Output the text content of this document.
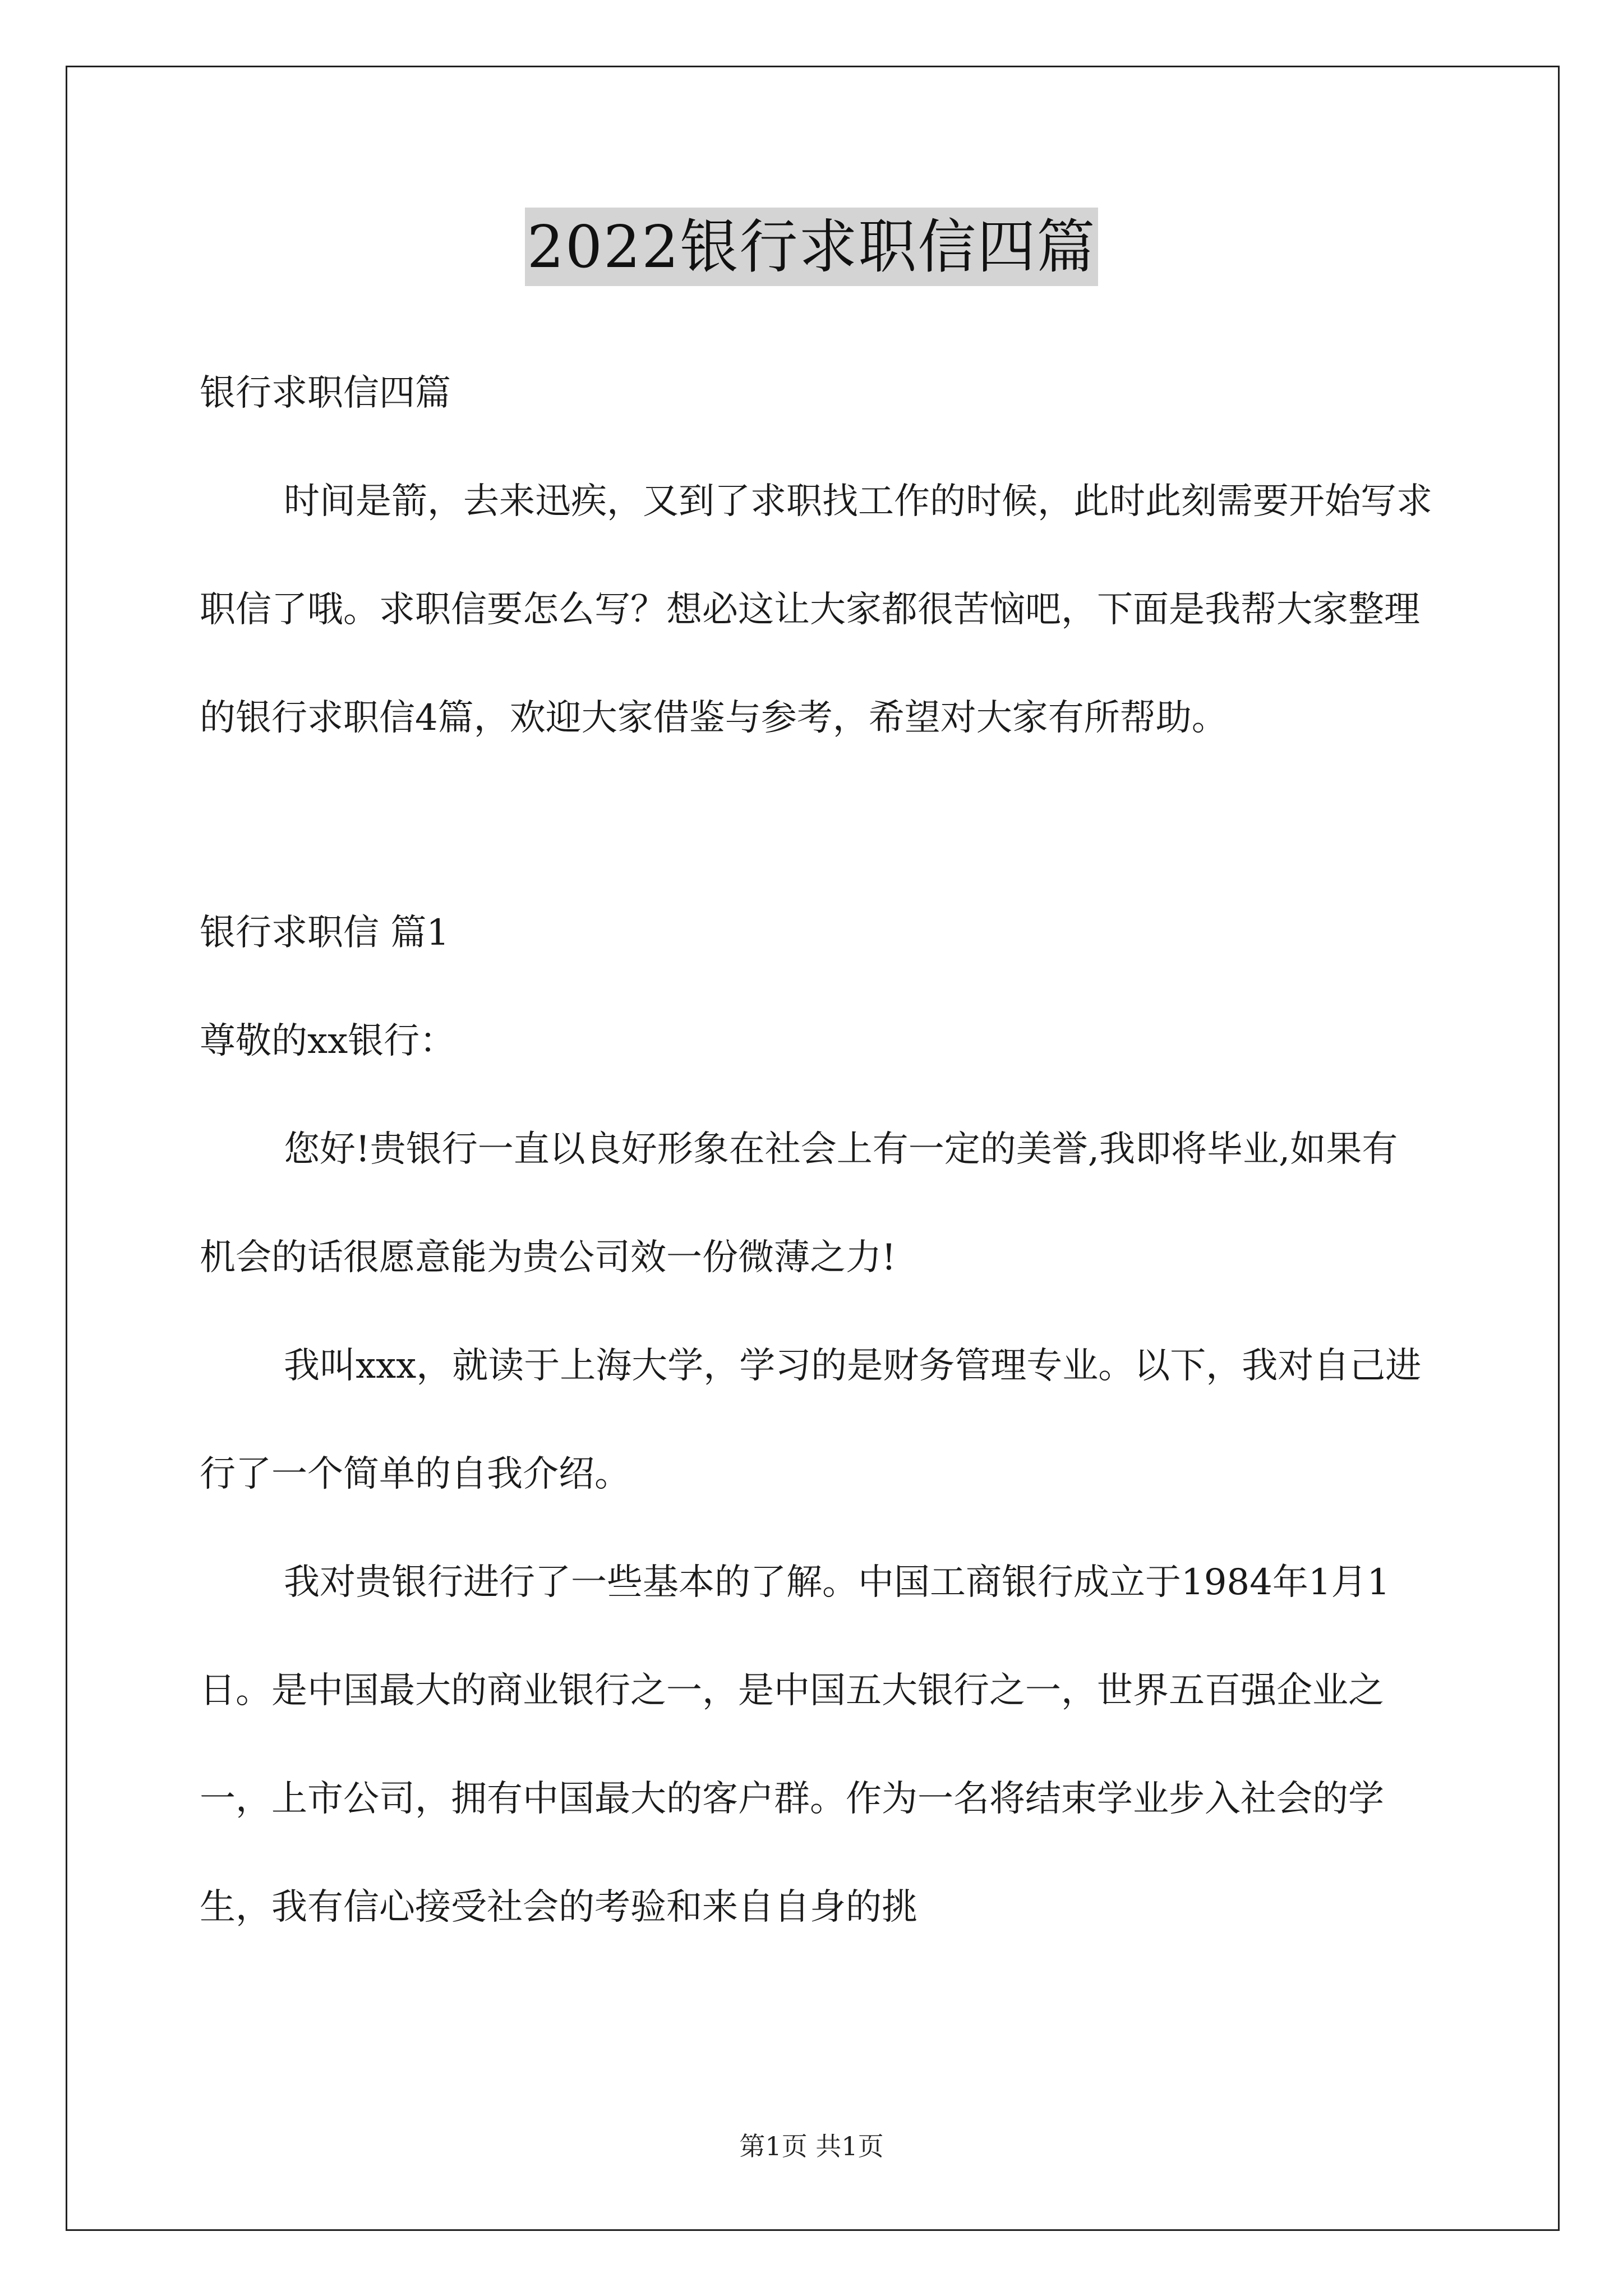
2022银行求职信四篇

银行求职信四篇

时间是箭，去来迅疾，又到了求职找工作的时候，此时此刻需要开始写求职信了哦。求职信要怎么写？想必这让大家都很苦恼吧，下面是我帮大家整理的银行求职信4篇，欢迎大家借鉴与参考，希望对大家有所帮助。

银行求职信 篇1

尊敬的xx银行：

您好!贵银行一直以良好形象在社会上有一定的美誉,我即将毕业,如果有机会的话很愿意能为贵公司效一份微薄之力!

我叫xxx，就读于上海大学，学习的是财务管理专业。以下，我对自己进行了一个简单的自我介绍。

我对贵银行进行了一些基本的了解。中国工商银行成立于1984年1月1日。是中国最大的商业银行之一，是中国五大银行之一，世界五百强企业之一，上市公司，拥有中国最大的客户群。作为一名将结束学业步入社会的学生，我有信心接受社会的考验和来自自身的挑

第1页 共1页
